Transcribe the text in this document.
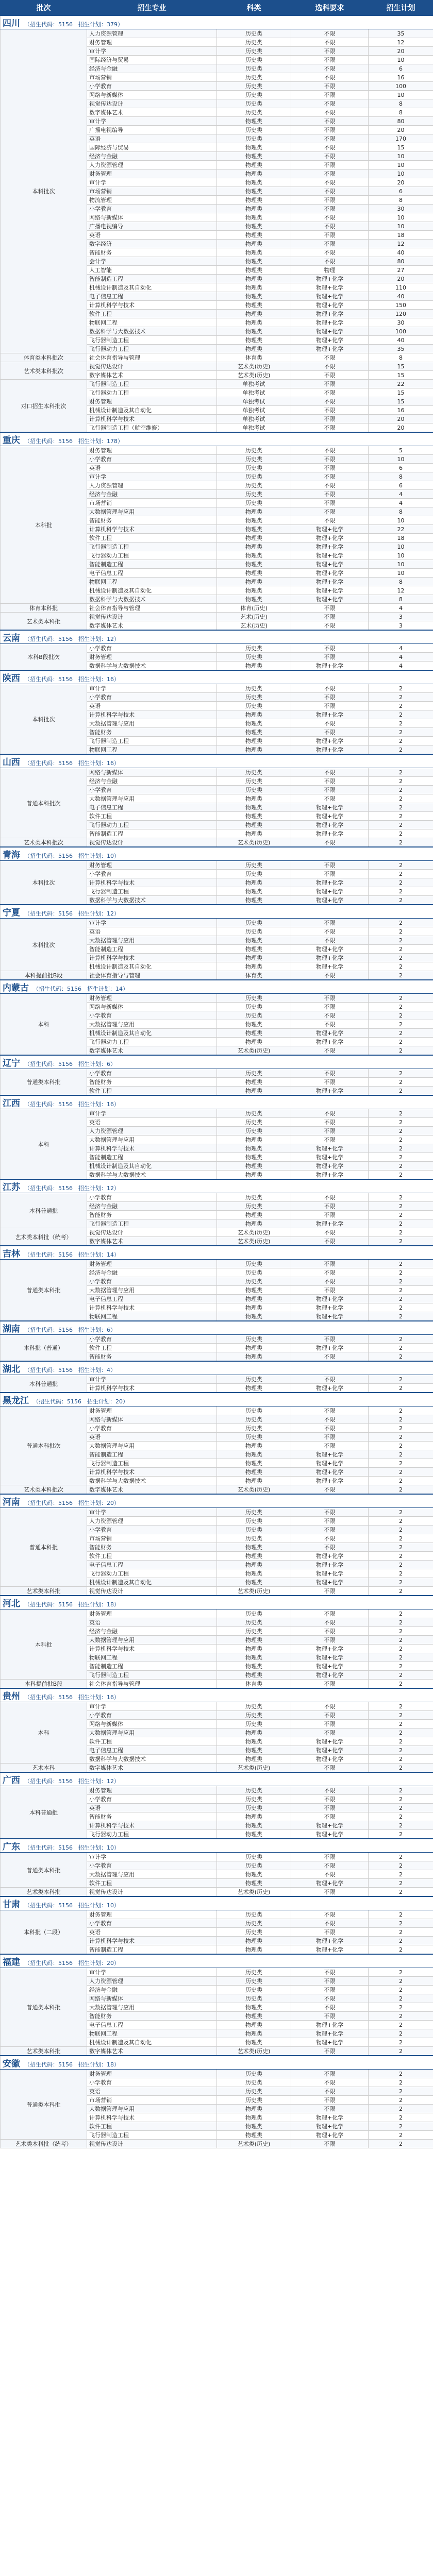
批次	招生专业	科类	选科要求	招生计划
四川 （招生代码：5156　招生计划：379）				
本科批次	人力资源管理	历史类	不限	35
	财务管理	历史类	不限	12
	审计学	历史类	不限	20
	国际经济与贸易	历史类	不限	10
	经济与金融	历史类	不限	6
	市场营销	历史类	不限	16
	小学教育	历史类	不限	100
	网络与新媒体	历史类	不限	10
	视觉传达设计	历史类	不限	8
	数字媒体艺术	历史类	不限	8
	审计学	物理类	不限	80
	广播电视编导	历史类	不限	20
	英语	历史类	不限	170
	国际经济与贸易	物理类	不限	15
	经济与金融	物理类	不限	10
	人力资源管理	物理类	不限	10
	财务管理	物理类	不限	10
	审计学	物理类	不限	20
	市场营销	物理类	不限	6
	物流管理	物理类	不限	8
	小学教育	物理类	不限	30
	网络与新媒体	物理类	不限	10
	广播电视编导	物理类	不限	10
	英语	物理类	不限	18
	数字经济	物理类	不限	12
	智能财务	物理类	不限	40
	会计学	物理类	不限	80
	人工智能	物理类	物理	27
	智能制造工程	物理类	物理+化学	20
	机械设计制造及其自动化	物理类	物理+化学	110
	电子信息工程	物理类	物理+化学	40
	计算机科学与技术	物理类	物理+化学	150
	软件工程	物理类	物理+化学	120
	物联网工程	物理类	物理+化学	30
	数据科学与大数据技术	物理类	物理+化学	100
	飞行器制造工程	物理类	物理+化学	40
	飞行器动力工程	物理类	物理+化学	35
体育类本科批次	社会体育指导与管理	体育类	不限	8
艺术类本科批次	视觉传达设计	艺术类(历史)	不限	15
	数字媒体艺术	艺术类(历史)	不限	15
对口招生本科批次	飞行器制造工程	单独考试	不限	22
	飞行器动力工程	单独考试	不限	15
	财务管理	单独考试	不限	15
	机械设计制造及其自动化	单独考试	不限	16
	计算机科学与技术	单独考试	不限	20
	飞行器制造工程（航空维修）	单独考试	不限	20
重庆 （招生代码：5156　招生计划：178）				
本科批	财务管理	历史类	不限	5
	小学教育	历史类	不限	10
	英语	历史类	不限	6
	审计学	历史类	不限	8
	人力资源管理	历史类	不限	6
	经济与金融	历史类	不限	4
	市场营销	历史类	不限	4
	大数据管理与应用	物理类	不限	8
	智能财务	物理类	不限	10
	计算机科学与技术	物理类	物理+化学	22
	软件工程	物理类	物理+化学	18
	飞行器制造工程	物理类	物理+化学	10
	飞行器动力工程	物理类	物理+化学	10
	智能制造工程	物理类	物理+化学	10
	电子信息工程	物理类	物理+化学	10
	物联网工程	物理类	物理+化学	8
	机械设计制造及其自动化	物理类	物理+化学	12
	数据科学与大数据技术	物理类	物理+化学	8
体育本科批	社会体育指导与管理	体育(历史)	不限	4
艺术类本科批	视觉传达设计	艺术(历史)	不限	3
	数字媒体艺术	艺术(历史)	不限	3
云南 （招生代码：5156　招生计划：12）				
本科B段批次	小学教育	历史类	不限	4
	财务管理	历史类	不限	4
	数据科学与大数据技术	物理类	物理+化学	4
陕西 （招生代码：5156　招生计划：16）				
本科批次	审计学	历史类	不限	2
	小学教育	历史类	不限	2
	英语	历史类	不限	2
	计算机科学与技术	物理类	物理+化学	2
	大数据管理与应用	物理类	不限	2
	智能财务	物理类	不限	2
	飞行器制造工程	物理类	物理+化学	2
	物联网工程	物理类	物理+化学	2
山西 （招生代码：5156　招生计划：16）				
普通本科批次	网络与新媒体	历史类	不限	2
	经济与金融	历史类	不限	2
	小学教育	历史类	不限	2
	大数据管理与应用	物理类	不限	2
	电子信息工程	物理类	物理+化学	2
	软件工程	物理类	物理+化学	2
	飞行器动力工程	物理类	物理+化学	2
	智能制造工程	物理类	物理+化学	2
艺术类本科批次	视觉传达设计	艺术类(历史)	不限	2
青海 （招生代码：5156　招生计划：10）				
本科批次	财务管理	历史类	不限	2
	小学教育	历史类	不限	2
	计算机科学与技术	物理类	物理+化学	2
	飞行器制造工程	物理类	物理+化学	2
	数据科学与大数据技术	物理类	物理+化学	2
宁夏 （招生代码：5156　招生计划：12）				
本科批次	审计学	历史类	不限	2
	英语	历史类	不限	2
	大数据管理与应用	物理类	不限	2
	智能制造工程	物理类	物理+化学	2
	计算机科学与技术	物理类	物理+化学	2
	机械设计制造及其自动化	物理类	物理+化学	2
本科提前批B段	社会体育指导与管理	体育类	不限	2
内蒙古 （招生代码：5156　招生计划：14）				
本科	财务管理	历史类	不限	2
	网络与新媒体	历史类	不限	2
	小学教育	历史类	不限	2
	大数据管理与应用	物理类	不限	2
	机械设计制造及其自动化	物理类	物理+化学	2
	飞行器动力工程	物理类	物理+化学	2
	数字媒体艺术	艺术类(历史)	不限	2
辽宁 （招生代码：5156　招生计划：6）				
普通类本科批	小学教育	历史类	不限	2
	智能财务	物理类	不限	2
	软件工程	物理类	物理+化学	2
江西 （招生代码：5156　招生计划：16）				
本科	审计学	历史类	不限	2
	英语	历史类	不限	2
	人力资源管理	历史类	不限	2
	大数据管理与应用	物理类	不限	2
	计算机科学与技术	物理类	物理+化学	2
	智能制造工程	物理类	物理+化学	2
	机械设计制造及其自动化	物理类	物理+化学	2
	数据科学与大数据技术	物理类	物理+化学	2
江苏 （招生代码：5156　招生计划：12）				
本科普通批	小学教育	历史类	不限	2
	经济与金融	历史类	不限	2
	智能财务	物理类	不限	2
	飞行器制造工程	物理类	物理+化学	2
艺术类本科批（统考）	视觉传达设计	艺术类(历史)	不限	2
	数字媒体艺术	艺术类(历史)	不限	2
吉林 （招生代码：5156　招生计划：14）				
普通类本科批	财务管理	历史类	不限	2
	经济与金融	历史类	不限	2
	小学教育	历史类	不限	2
	大数据管理与应用	物理类	不限	2
	电子信息工程	物理类	物理+化学	2
	计算机科学与技术	物理类	物理+化学	2
	物联网工程	物理类	物理+化学	2
湖南 （招生代码：5156　招生计划：6）				
本科批（普通）	小学教育	历史类	不限	2
	软件工程	物理类	物理+化学	2
	智能财务	物理类	不限	2
湖北 （招生代码：5156　招生计划：4）				
本科普通批	审计学	历史类	不限	2
	计算机科学与技术	物理类	物理+化学	2
黑龙江 （招生代码：5156　招生计划：20）				
普通本科批次	财务管理	历史类	不限	2
	网络与新媒体	历史类	不限	2
	小学教育	历史类	不限	2
	英语	历史类	不限	2
	大数据管理与应用	物理类	不限	2
	智能制造工程	物理类	物理+化学	2
	飞行器制造工程	物理类	物理+化学	2
	计算机科学与技术	物理类	物理+化学	2
	数据科学与大数据技术	物理类	物理+化学	2
艺术类本科批次	数字媒体艺术	艺术类(历史)	不限	2
河南 （招生代码：5156　招生计划：20）				
普通本科批	审计学	历史类	不限	2
	人力资源管理	历史类	不限	2
	小学教育	历史类	不限	2
	市场营销	历史类	不限	2
	智能财务	物理类	不限	2
	软件工程	物理类	物理+化学	2
	电子信息工程	物理类	物理+化学	2
	飞行器动力工程	物理类	物理+化学	2
	机械设计制造及其自动化	物理类	物理+化学	2
艺术类本科批	视觉传达设计	艺术类(历史)	不限	2
河北 （招生代码：5156　招生计划：18）				
本科批	财务管理	历史类	不限	2
	英语	历史类	不限	2
	经济与金融	历史类	不限	2
	大数据管理与应用	物理类	不限	2
	计算机科学与技术	物理类	物理+化学	2
	物联网工程	物理类	物理+化学	2
	智能制造工程	物理类	物理+化学	2
	飞行器制造工程	物理类	物理+化学	2
本科提前批B段	社会体育指导与管理	体育类	不限	2
贵州 （招生代码：5156　招生计划：16）				
本科	审计学	历史类	不限	2
	小学教育	历史类	不限	2
	网络与新媒体	历史类	不限	2
	大数据管理与应用	物理类	不限	2
	软件工程	物理类	物理+化学	2
	电子信息工程	物理类	物理+化学	2
	数据科学与大数据技术	物理类	物理+化学	2
艺术本科	数字媒体艺术	艺术类(历史)	不限	2
广西 （招生代码：5156　招生计划：12）				
本科普通批	财务管理	历史类	不限	2
	小学教育	历史类	不限	2
	英语	历史类	不限	2
	智能财务	物理类	不限	2
	计算机科学与技术	物理类	物理+化学	2
	飞行器动力工程	物理类	物理+化学	2
广东 （招生代码：5156　招生计划：10）				
普通类本科批	审计学	历史类	不限	2
	小学教育	历史类	不限	2
	大数据管理与应用	物理类	不限	2
	软件工程	物理类	物理+化学	2
艺术类本科批	视觉传达设计	艺术类(历史)	不限	2
甘肃 （招生代码：5156　招生计划：10）				
本科批（二段）	财务管理	历史类	不限	2
	小学教育	历史类	不限	2
	英语	历史类	不限	2
	计算机科学与技术	物理类	物理+化学	2
	智能制造工程	物理类	物理+化学	2
福建 （招生代码：5156　招生计划：20）				
普通类本科批	审计学	历史类	不限	2
	人力资源管理	历史类	不限	2
	经济与金融	历史类	不限	2
	网络与新媒体	历史类	不限	2
	大数据管理与应用	物理类	不限	2
	智能财务	物理类	不限	2
	电子信息工程	物理类	物理+化学	2
	物联网工程	物理类	物理+化学	2
	机械设计制造及其自动化	物理类	物理+化学	2
艺术类本科批	数字媒体艺术	艺术类(历史)	不限	2
安徽 （招生代码：5156　招生计划：18）				
普通类本科批	财务管理	历史类	不限	2
	小学教育	历史类	不限	2
	英语	历史类	不限	2
	市场营销	历史类	不限	2
	大数据管理与应用	物理类	不限	2
	计算机科学与技术	物理类	物理+化学	2
	软件工程	物理类	物理+化学	2
	飞行器制造工程	物理类	物理+化学	2
艺术类本科批（统考）	视觉传达设计	艺术类(历史)	不限	2
